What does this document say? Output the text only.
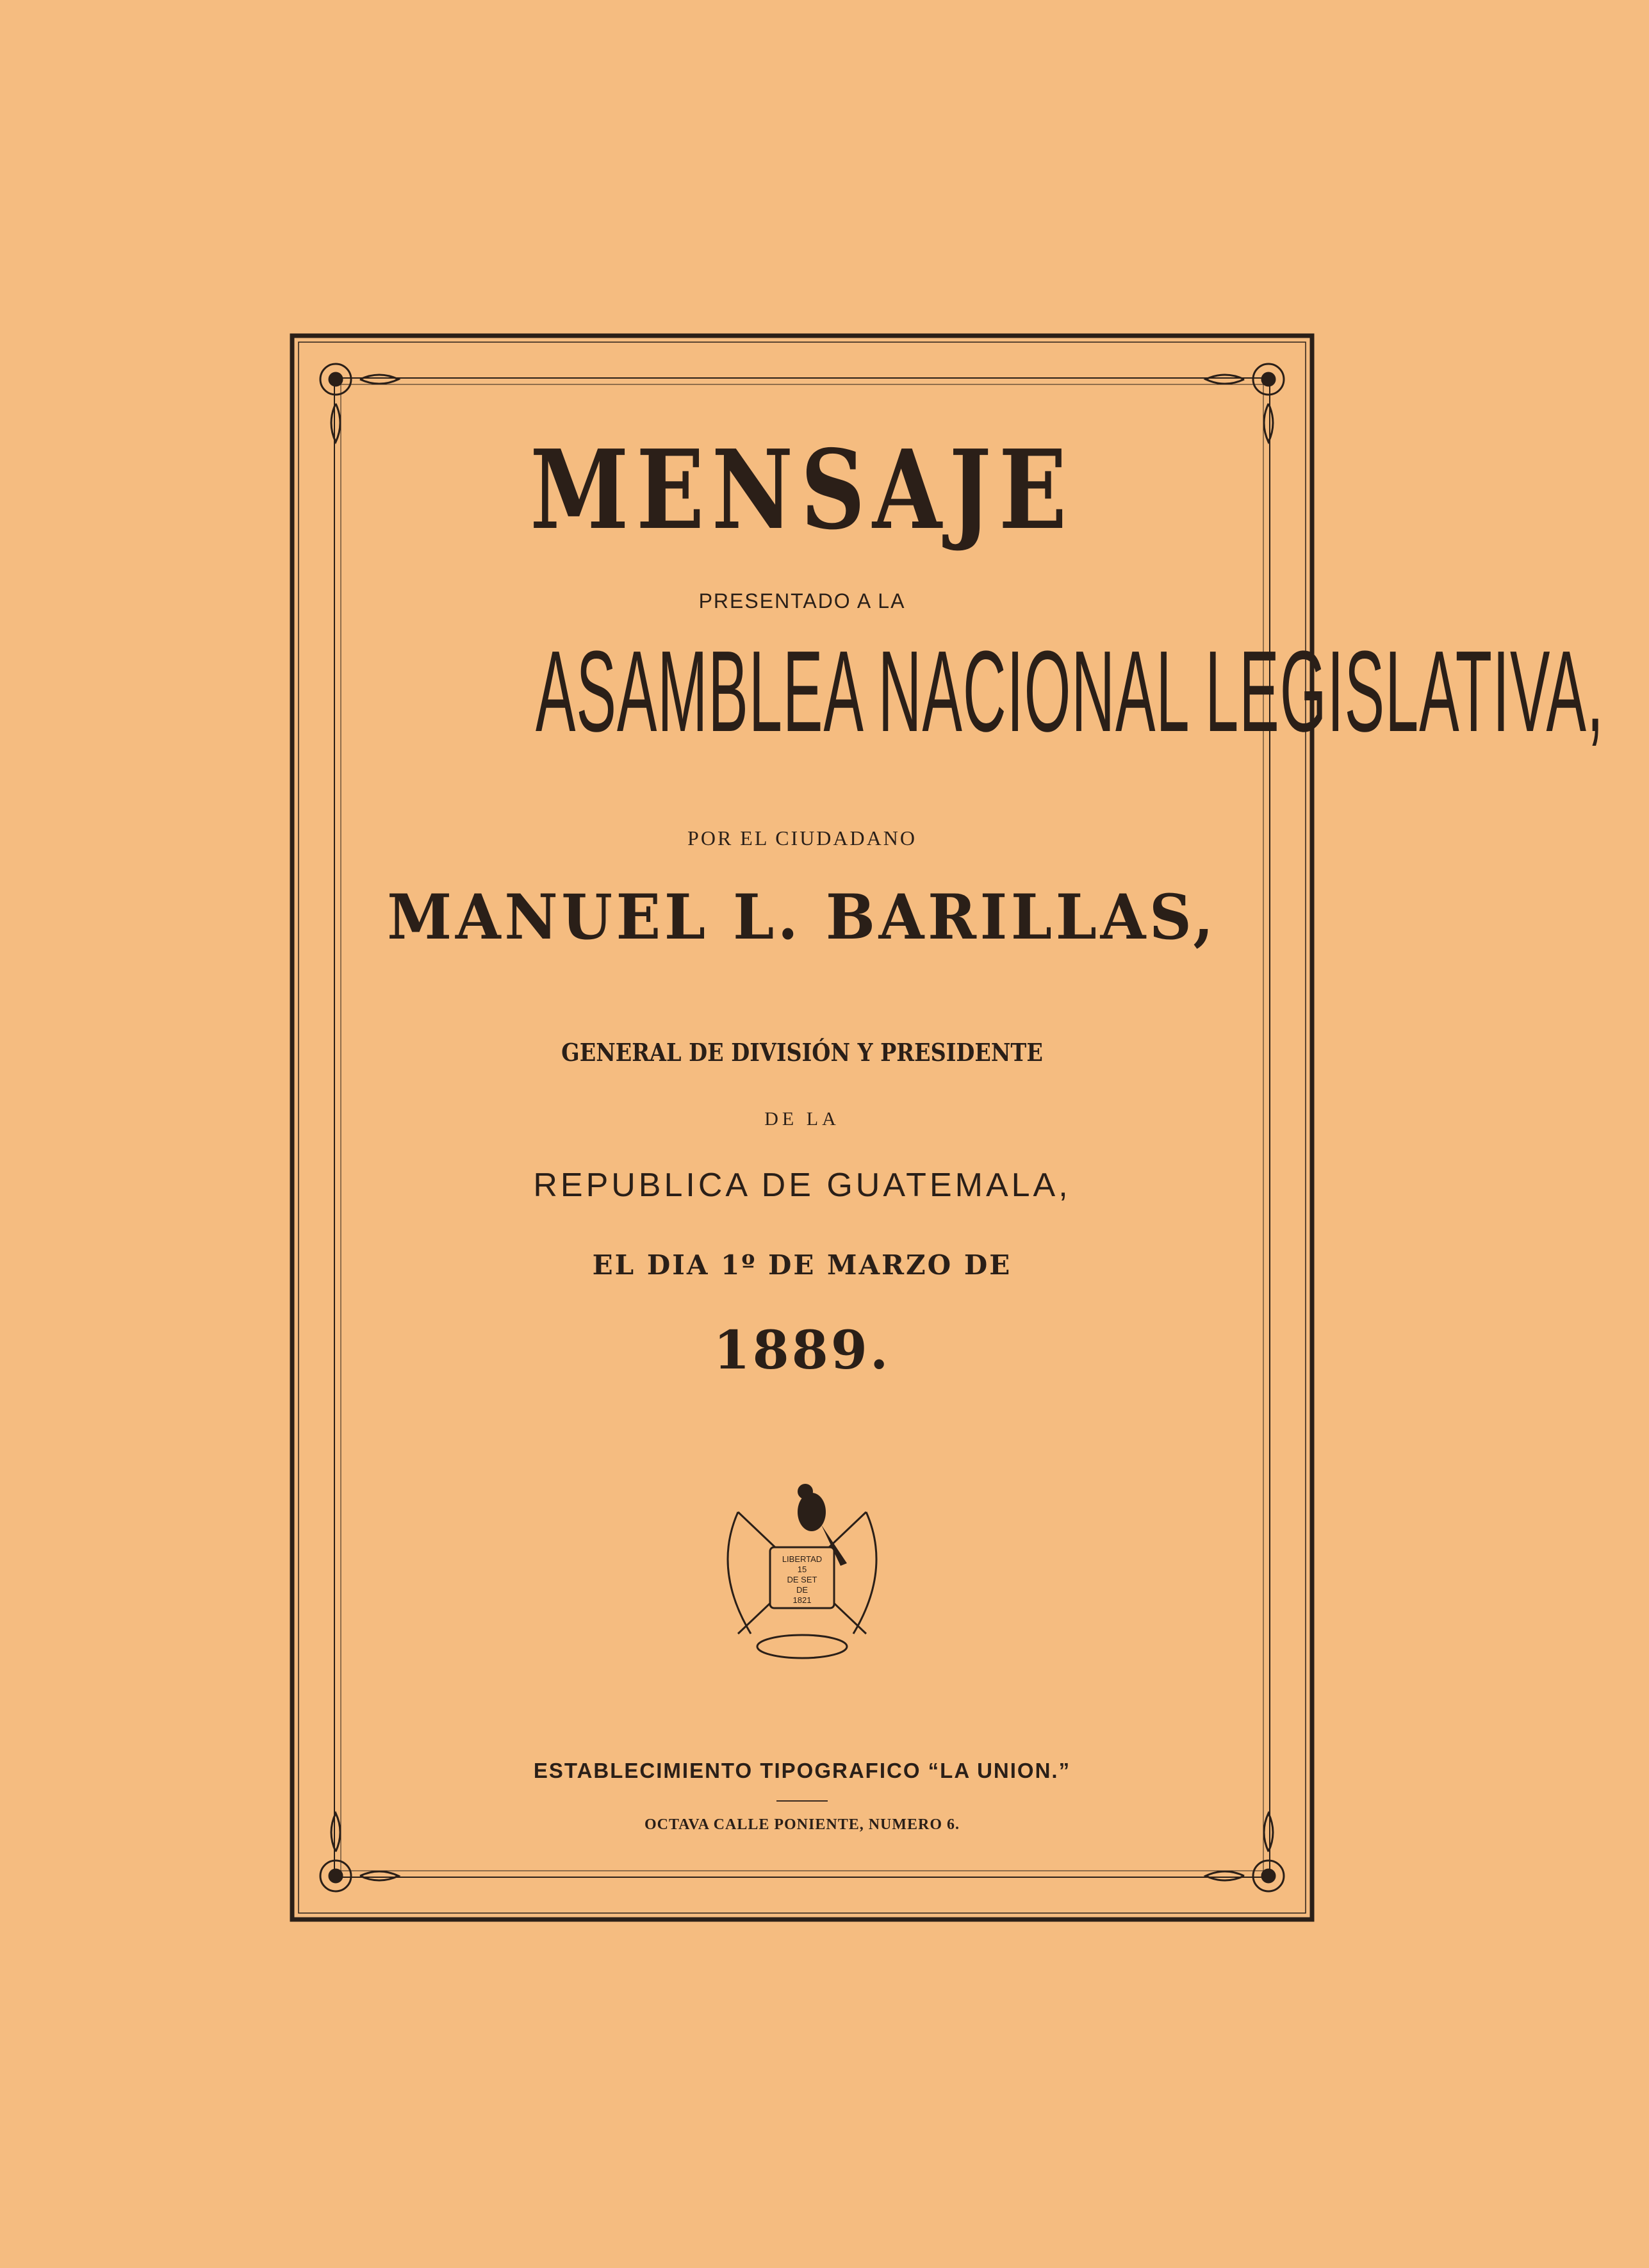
MENSAJE
PRESENTADO A LA
ASAMBLEA NACIONAL LEGISLATIVA,
POR EL CIUDADANO
MANUEL L. BARILLAS,
GENERAL DE DIVISIÓN Y PRESIDENTE
DE LA
REPUBLICA DE GUATEMALA,
EL DIA 1º DE MARZO DE
1889.
LIBERTAD
15
DE SET
DE
1821
ESTABLECIMIENTO TIPOGRAFICO “LA UNION.”
OCTAVA CALLE PONIENTE, NUMERO 6.
